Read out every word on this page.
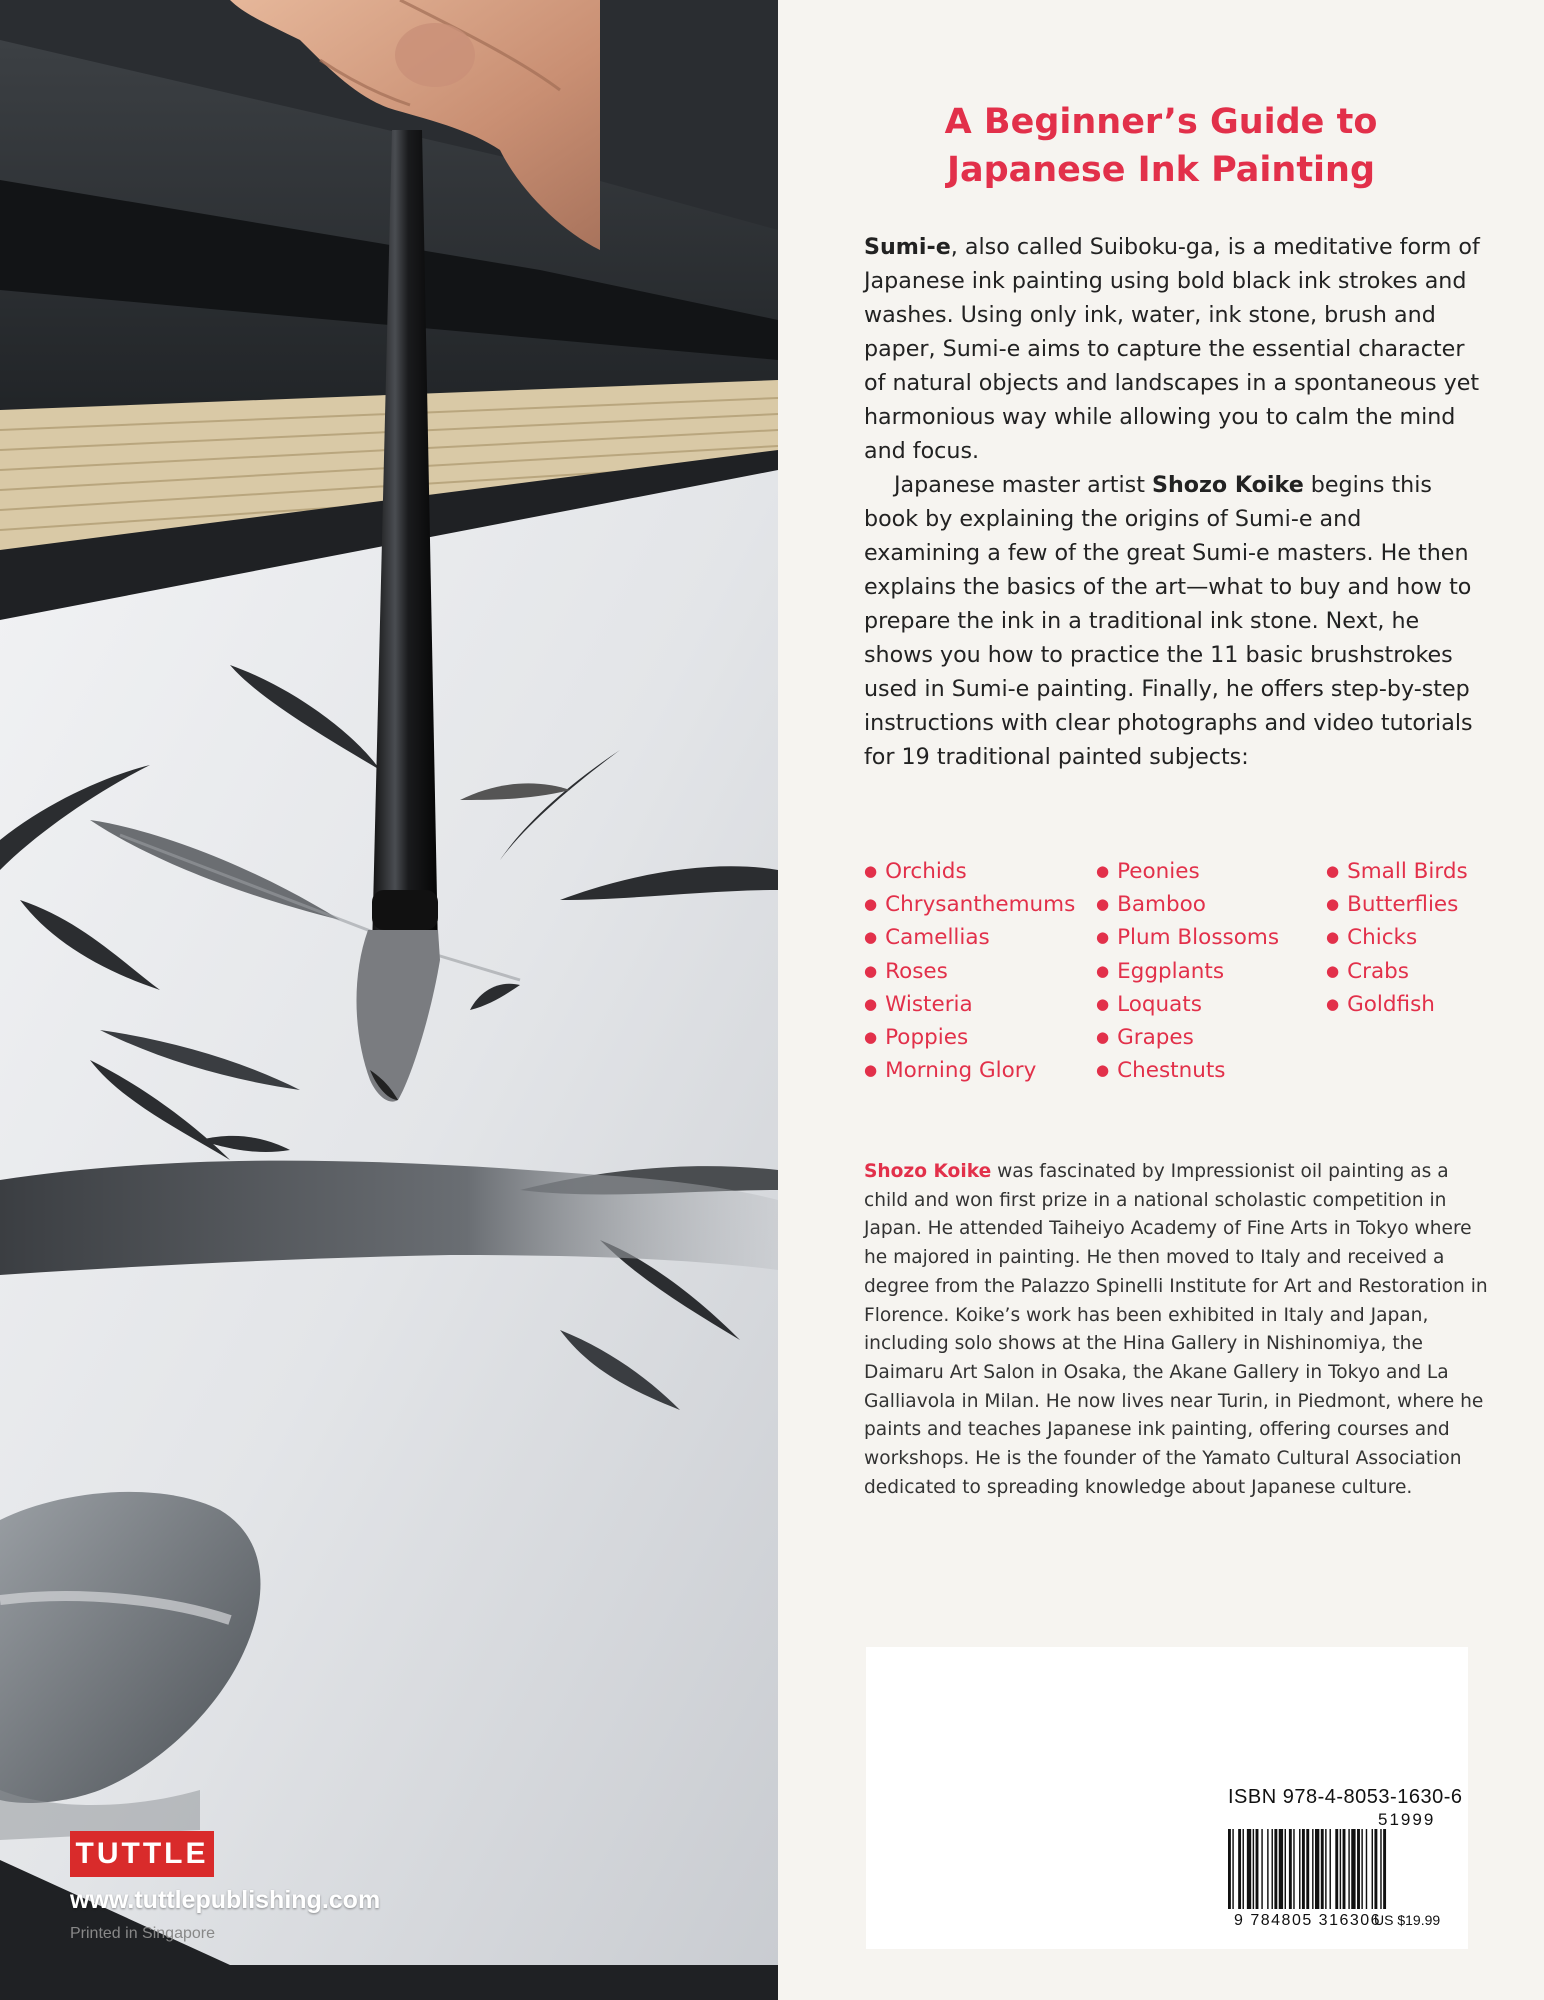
TUTTLE
www.tuttlepublishing.com
Printed in Singapore
A Beginner’s Guide to
Japanese Ink Painting

Sumi-e, also called Suiboku-ga, is a meditative form of Japanese ink painting using bold black ink strokes and washes. Using only ink, water, ink stone, brush and paper, Sumi-e aims to capture the essential character of natural objects and landscapes in a spontaneous yet harmonious way while allowing you to calm the mind and focus.

Japanese master artist Shozo Koike begins this book by explaining the origins of Sumi-e and examining a few of the great Sumi-e masters. He then explains the basics of the art—what to buy and how to prepare the ink in a traditional ink stone. Next, he shows you how to practice the 11 basic brushstrokes used in Sumi-e painting. Finally, he offers step-by-step instructions with clear photographs and video tutorials for 19 traditional painted subjects:

● Orchids
● Chrysanthemums
● Camellias
● Roses
● Wisteria
● Poppies
● Morning Glory
● Peonies
● Bamboo
● Plum Blossoms
● Eggplants
● Loquats
● Grapes
● Chestnuts
● Small Birds
● Butterflies
● Chicks
● Crabs
● Goldfish

Shozo Koike was fascinated by Impressionist oil painting as a child and won first prize in a national scholastic competition in Japan. He attended Taiheiyo Academy of Fine Arts in Tokyo where he majored in painting. He then moved to Italy and received a degree from the Palazzo Spinelli Institute for Art and Restoration in Florence. Koike’s work has been exhibited in Italy and Japan, including solo shows at the Hina Gallery in Nishinomiya, the Daimaru Art Salon in Osaka, the Akane Gallery in Tokyo and La Galliavola in Milan. He now lives near Turin, in Piedmont, where he paints and teaches Japanese ink painting, offering courses and workshops. He is the founder of the Yamato Cultural Association dedicated to spreading knowledge about Japanese culture.

ISBN 978-4-8053-1630-6
51999
9 784805 316306
US $19.99
